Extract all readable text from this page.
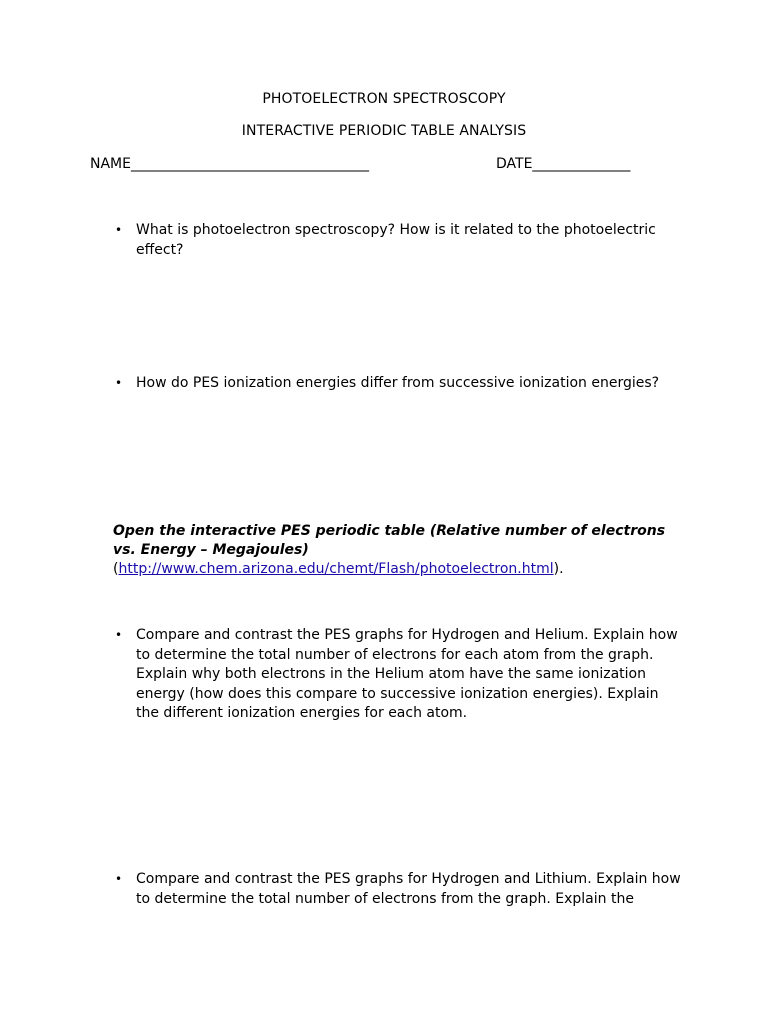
PHOTOELECTRON SPECTROSCOPY
INTERACTIVE PERIODIC TABLE ANALYSIS
NAME__________________________________	DATE______________
• What is photoelectron spectroscopy? How is it related to the photoelectric effect?
• How do PES ionization energies differ from successive ionization energies?
Open the interactive PES periodic table (Relative number of electrons vs. Energy – Megajoules)
(http://www.chem.arizona.edu/chemt/Flash/photoelectron.html).
• Compare and contrast the PES graphs for Hydrogen and Helium. Explain how to determine the total number of electrons for each atom from the graph. Explain why both electrons in the Helium atom have the same ionization energy (how does this compare to successive ionization energies). Explain the different ionization energies for each atom.
• Compare and contrast the PES graphs for Hydrogen and Lithium. Explain how to determine the total number of electrons from the graph. Explain the
